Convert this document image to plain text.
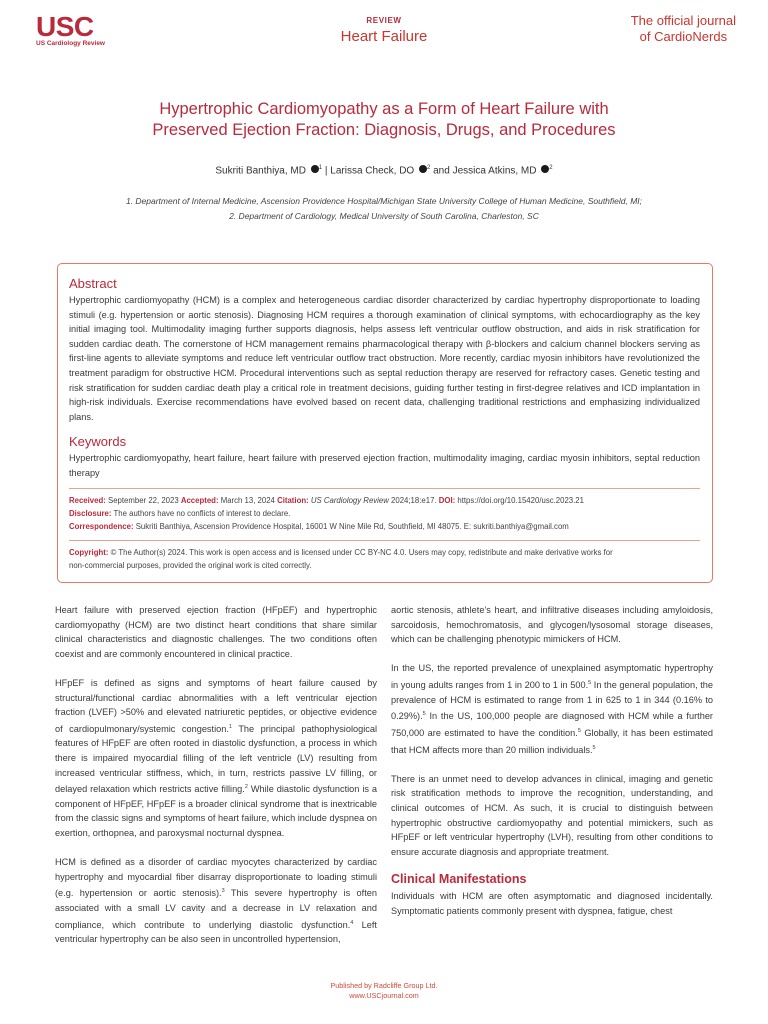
USC
US Cardiology Review
REVIEW
Heart Failure
The official journal
of CardioNerds
Hypertrophic Cardiomyopathy as a Form of Heart Failure with
Preserved Ejection Fraction: Diagnosis, Drugs, and Procedures
Sukriti Banthiya, MD $^1$ | Larissa Check, DO $^2$ and Jessica Atkins, MD $^2$
1. Department of Internal Medicine, Ascension Providence Hospital/Michigan State University College of Human Medicine, Southfield, MI;
2. Department of Cardiology, Medical University of South Carolina, Charleston, SC
Abstract
Hypertrophic cardiomyopathy (HCM) is a complex and heterogeneous cardiac disorder characterized by cardiac hypertrophy disproportionate to loading stimuli (e.g. hypertension or aortic stenosis). Diagnosing HCM requires a thorough examination of clinical symptoms, with echocardiography as the key initial imaging tool. Multimodality imaging further supports diagnosis, helps assess left ventricular outflow obstruction, and aids in risk stratification for sudden cardiac death. The cornerstone of HCM management remains pharmacological therapy with β-blockers and calcium channel blockers serving as first-line agents to alleviate symptoms and reduce left ventricular outflow tract obstruction. More recently, cardiac myosin inhibitors have revolutionized the treatment paradigm for obstructive HCM. Procedural interventions such as septal reduction therapy are reserved for refractory cases. Genetic testing and risk stratification for sudden cardiac death play a critical role in treatment decisions, guiding further testing in first-degree relatives and ICD implantation in high-risk individuals. Exercise recommendations have evolved based on recent data, challenging traditional restrictions and emphasizing individualized plans.
Keywords
Hypertrophic cardiomyopathy, heart failure, heart failure with preserved ejection fraction, multimodality imaging, cardiac myosin inhibitors, septal reduction therapy
Received: September 22, 2023 Accepted: March 13, 2024 Citation: US Cardiology Review 2024;18:e17. DOI: https://doi.org/10.15420/usc.2023.21
Disclosure: The authors have no conflicts of interest to declare.
Correspondence: Sukriti Banthiya, Ascension Providence Hospital, 16001 W Nine Mile Rd, Southfield, MI 48075. E: sukriti.banthiya@gmail.com
Copyright: © The Author(s) 2024. This work is open access and is licensed under CC BY-NC 4.0. Users may copy, redistribute and make derivative works for
non-commercial purposes, provided the original work is cited correctly.

Heart failure with preserved ejection fraction (HFpEF) and hypertrophic cardiomyopathy (HCM) are two distinct heart conditions that share similar clinical characteristics and diagnostic challenges. The two conditions often coexist and are commonly encountered in clinical practice.

HFpEF is defined as signs and symptoms of heart failure caused by structural/functional cardiac abnormalities with a left ventricular ejection fraction (LVEF) >50% and elevated natriuretic peptides, or objective evidence of cardiopulmonary/systemic congestion.$^1$ The principal pathophysiological features of HFpEF are often rooted in diastolic dysfunction, a process in which there is impaired myocardial filling of the left ventricle (LV) resulting from increased ventricular stiffness, which, in turn, restricts passive LV filling, or delayed relaxation which restricts active filling.$^2$ While diastolic dysfunction is a component of HFpEF, HFpEF is a broader clinical syndrome that is inextricable from the classic signs and symptoms of heart failure, which include dyspnea on exertion, orthopnea, and paroxysmal nocturnal dyspnea.

HCM is defined as a disorder of cardiac myocytes characterized by cardiac hypertrophy and myocardial fiber disarray disproportionate to loading stimuli (e.g. hypertension or aortic stenosis).$^3$ This severe hypertrophy is often associated with a small LV cavity and a decrease in LV relaxation and compliance, which contribute to underlying diastolic dysfunction.$^4$ Left ventricular hypertrophy can be also seen in uncontrolled hypertension,

aortic stenosis, athlete’s heart, and infiltrative diseases including amyloidosis, sarcoidosis, hemochromatosis, and glycogen/lysosomal storage diseases, which can be challenging phenotypic mimickers of HCM.

In the US, the reported prevalence of unexplained asymptomatic hypertrophy in young adults ranges from 1 in 200 to 1 in 500.$^5$ In the general population, the prevalence of HCM is estimated to range from 1 in 625 to 1 in 344 (0.16% to 0.29%).$^5$ In the US, 100,000 people are diagnosed with HCM while a further 750,000 are estimated to have the condition.$^5$ Globally, it has been estimated that HCM affects more than 20 million individuals.$^5$

There is an unmet need to develop advances in clinical, imaging and genetic risk stratification methods to improve the recognition, understanding, and clinical outcomes of HCM. As such, it is crucial to distinguish between hypertrophic obstructive cardiomyopathy and potential mimickers, such as HFpEF or left ventricular hypertrophy (LVH), resulting from other conditions to ensure accurate diagnosis and appropriate treatment.

Clinical Manifestations

Individuals with HCM are often asymptomatic and diagnosed incidentally. Symptomatic patients commonly present with dyspnea, fatigue, chest

Published by Radcliffe Group Ltd.
www.USCjournal.com
